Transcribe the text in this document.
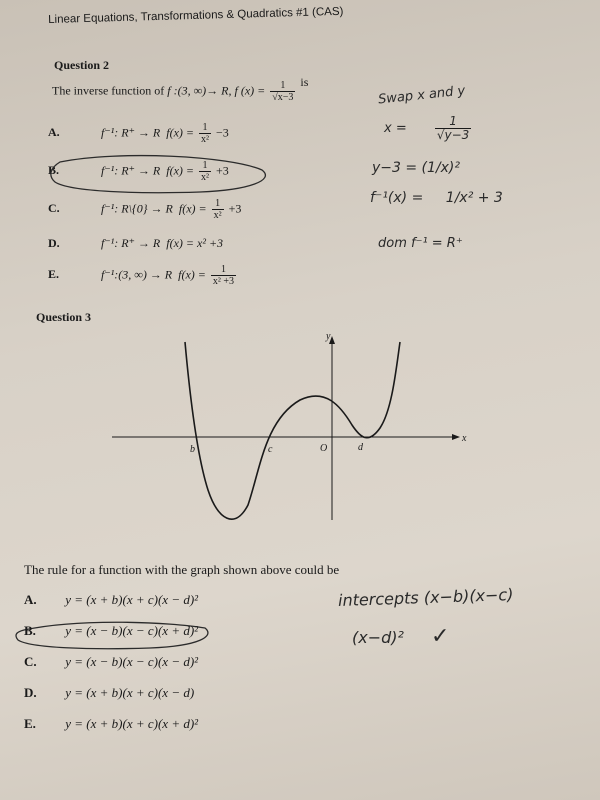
Linear Equations, Transformations & Quadratics #1 (CAS)
Question 2
The inverse function of f :(3, ∞)→ R, f $(x) = \frac{1}{√x-3}$ is
A.	f⁻¹: R⁺ → R $f(x) = \frac{1}{\text{x²}} -3$
B.	f⁻¹: R⁺ → R $f(x) = \frac{1}{\text{x²}} +3$
C.	f⁻¹: R\{0} → R $f(x) = \frac{1}{\text{x²}} +3$
D.	f⁻¹: R⁺ → R f(x) = x² +3
E.	f⁻¹:(3, ∞) → R $f(x) = \frac{1}{\text{x² +3}}$
Swap x and y
$x = \frac{1}{√y-3}$
y−3 = (1/x)²
f⁻¹(x) = 1/x² + 3
dom f⁻¹ = R⁺
Question 3
x
y
b	c	O	d
The rule for a function with the graph shown above could be
A. y = (x + b)(x + c)(x − d)²
B. y = (x − b)(x − c)(x + d)²
C. y = (x − b)(x − c)(x − d)²
D. y = (x + b)(x + c)(x − d)
E. y = (x + b)(x + c)(x + d)²
intercepts (x−b)(x−c)
(x−d)² ✓
